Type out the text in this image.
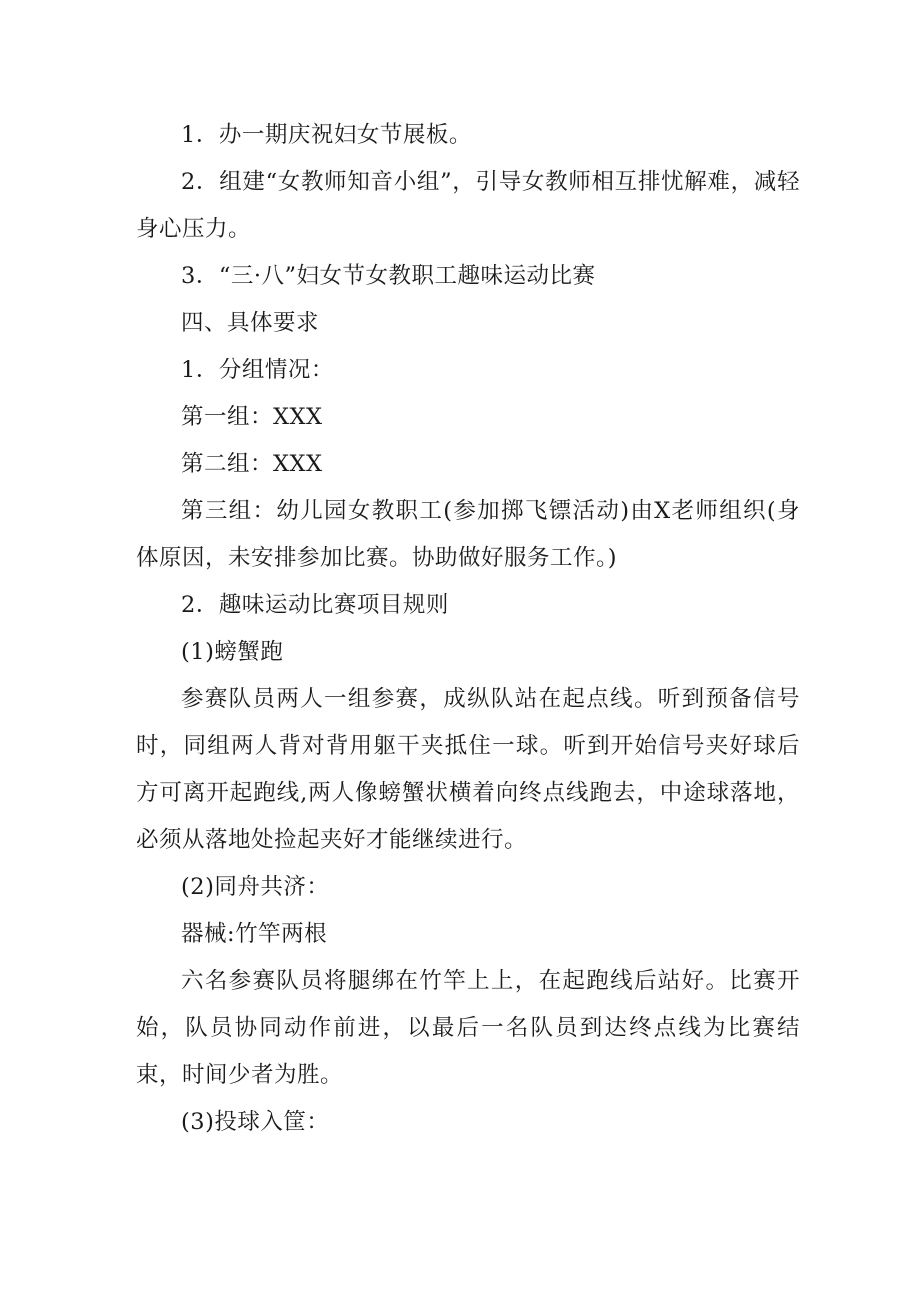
1．办一期庆祝妇女节展板。

2．组建“女教师知音小组”，引导女教师相互排忧解难，减轻身心压力。

3．“三·八”妇女节女教职工趣味运动比赛

四、具体要求

1．分组情况：

第一组：XXX

第二组：XXX

第三组：幼儿园女教职工(参加掷飞镖活动)由X老师组织(身体原因，未安排参加比赛。协助做好服务工作。)

2．趣味运动比赛项目规则

(1)螃蟹跑

参赛队员两人一组参赛，成纵队站在起点线。听到预备信号时，同组两人背对背用躯干夹抵住一球。听到开始信号夹好球后方可离开起跑线,两人像螃蟹状横着向终点线跑去，中途球落地，必须从落地处捡起夹好才能继续进行。

(2)同舟共济：

器械:竹竿两根

六名参赛队员将腿绑在竹竿上上，在起跑线后站好。比赛开始，队员协同动作前进，以最后一名队员到达终点线为比赛结束，时间少者为胜。

(3)投球入筐：
